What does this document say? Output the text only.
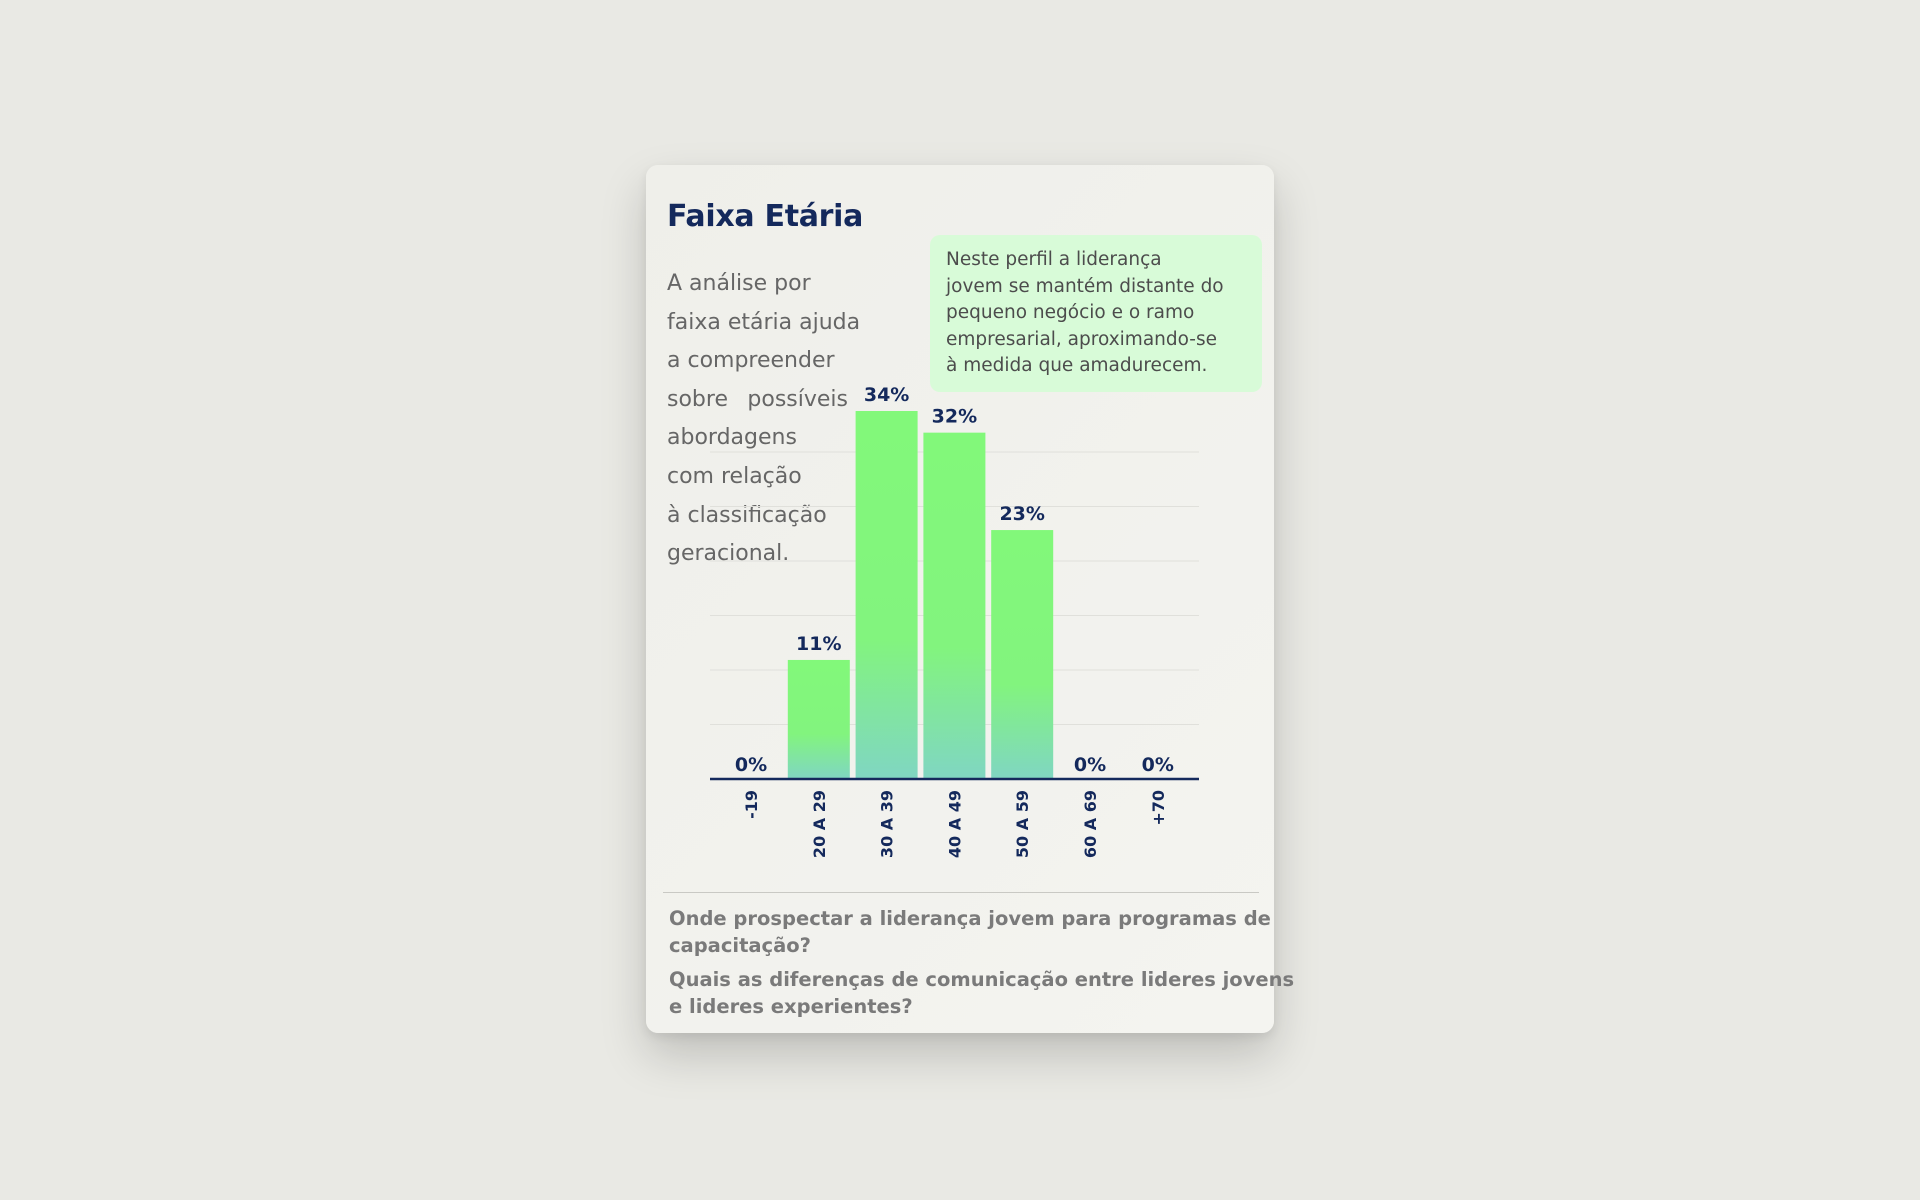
Faixa Etária

A análise por
faixa etária ajuda
a compreender
sobre possíveis
abordagens
com relação
à classificação
geracional.

0%
11%
34%
32%
23%
0% 0%
-19	20 A 29	30 A 39	40 A 49	50 A 59	60 A 69	+70
Neste perfil a liderança
jovem se mantém distante do
pequeno negócio e o ramo
empresarial, aproximando-se
à medida que amadurecem.

Onde prospectar a liderança jovem para programas de
capacitação?

Quais as diferenças de comunicação entre lideres jovens
e lideres experientes?
